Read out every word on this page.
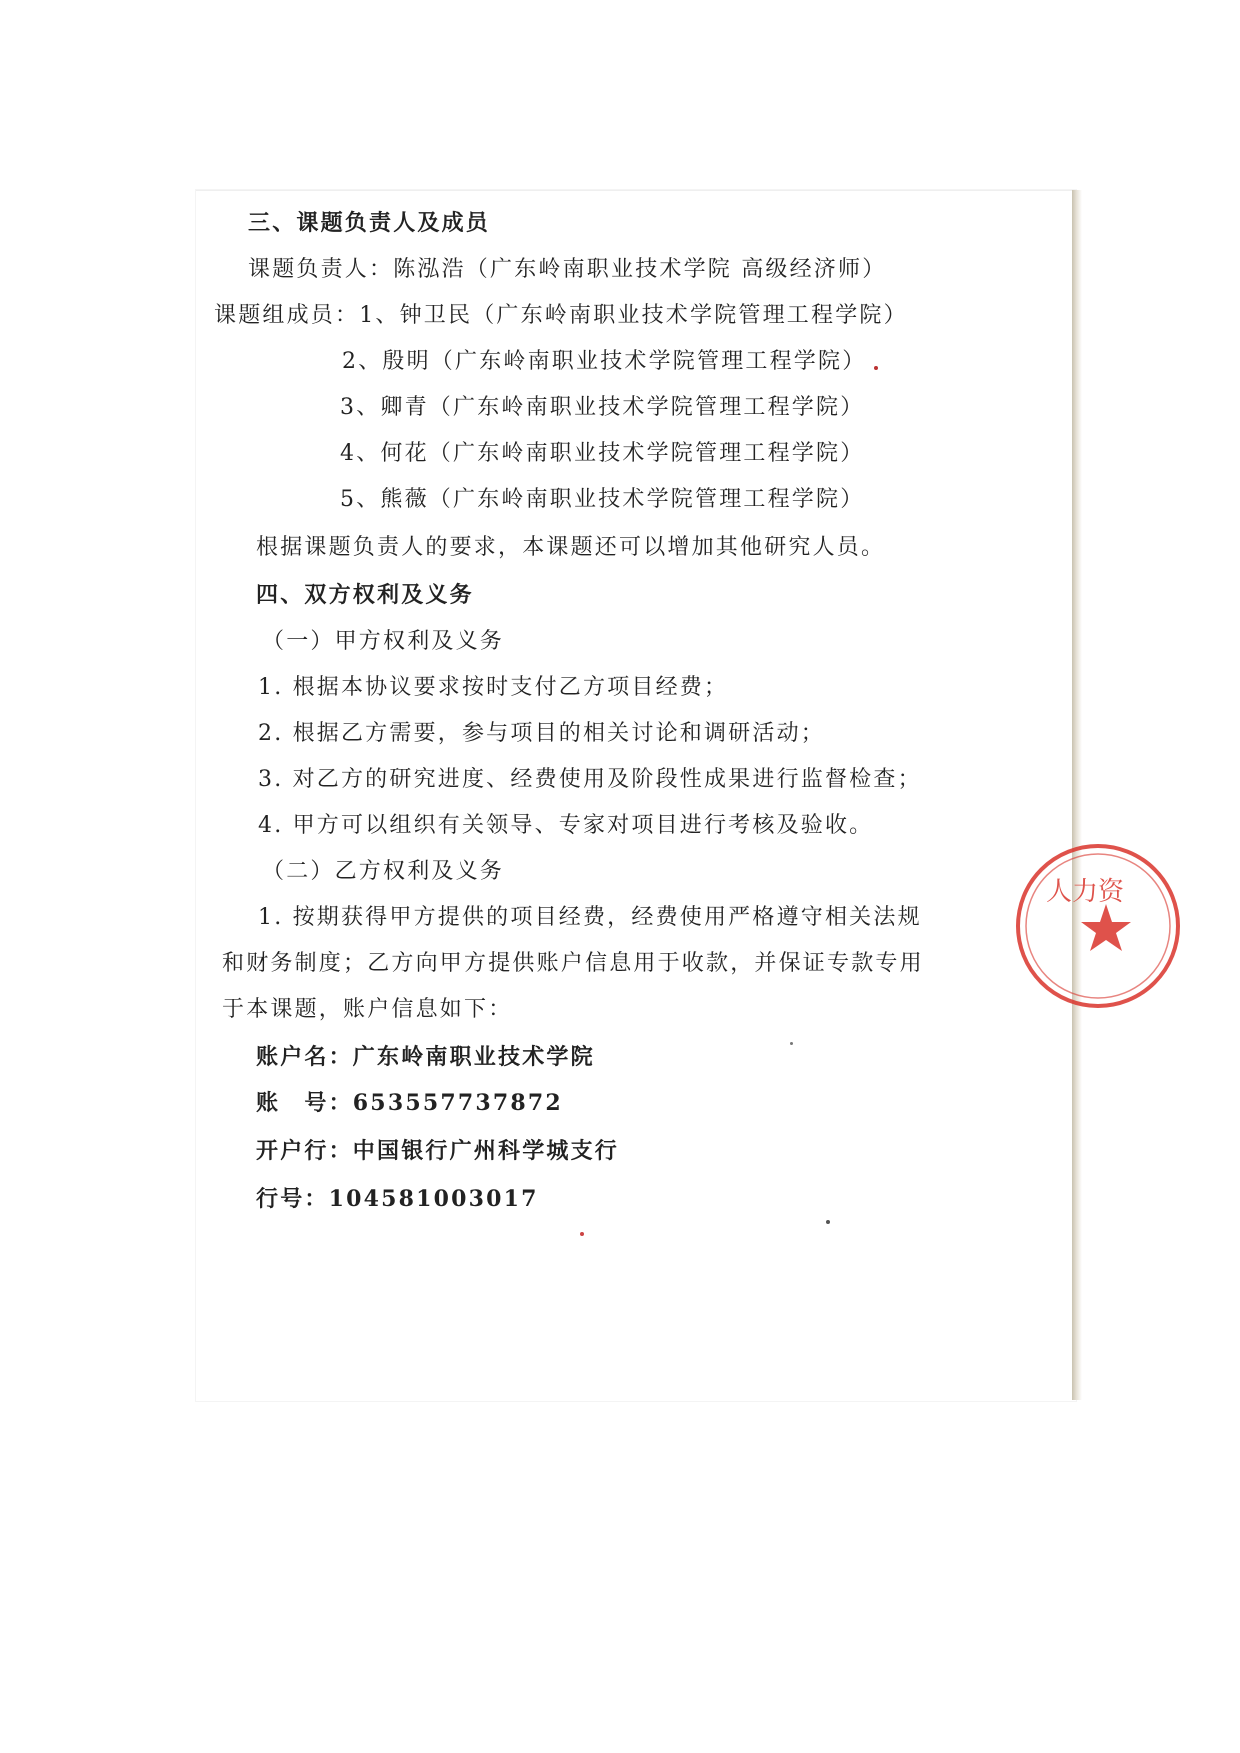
三、课题负责人及成员
课题负责人：陈泓浩（广东岭南职业技术学院 高级经济师）
课题组成员：1、钟卫民（广东岭南职业技术学院管理工程学院）
2、殷明（广东岭南职业技术学院管理工程学院）
3、卿青（广东岭南职业技术学院管理工程学院）
4、何花（广东岭南职业技术学院管理工程学院）
5、熊薇（广东岭南职业技术学院管理工程学院）
根据课题负责人的要求，本课题还可以增加其他研究人员。
四、双方权利及义务
（一）甲方权利及义务
1. 根据本协议要求按时支付乙方项目经费；
2. 根据乙方需要，参与项目的相关讨论和调研活动；
3. 对乙方的研究进度、经费使用及阶段性成果进行监督检查；
4. 甲方可以组织有关领导、专家对项目进行考核及验收。
（二）乙方权利及义务
1. 按期获得甲方提供的项目经费，经费使用严格遵守相关法规
和财务制度；乙方向甲方提供账户信息用于收款，并保证专款专用
于本课题，账户信息如下：
账户名：广东岭南职业技术学院
账　号：653557737872
开户行：中国银行广州科学城支行
行号：104581003017
人力资
